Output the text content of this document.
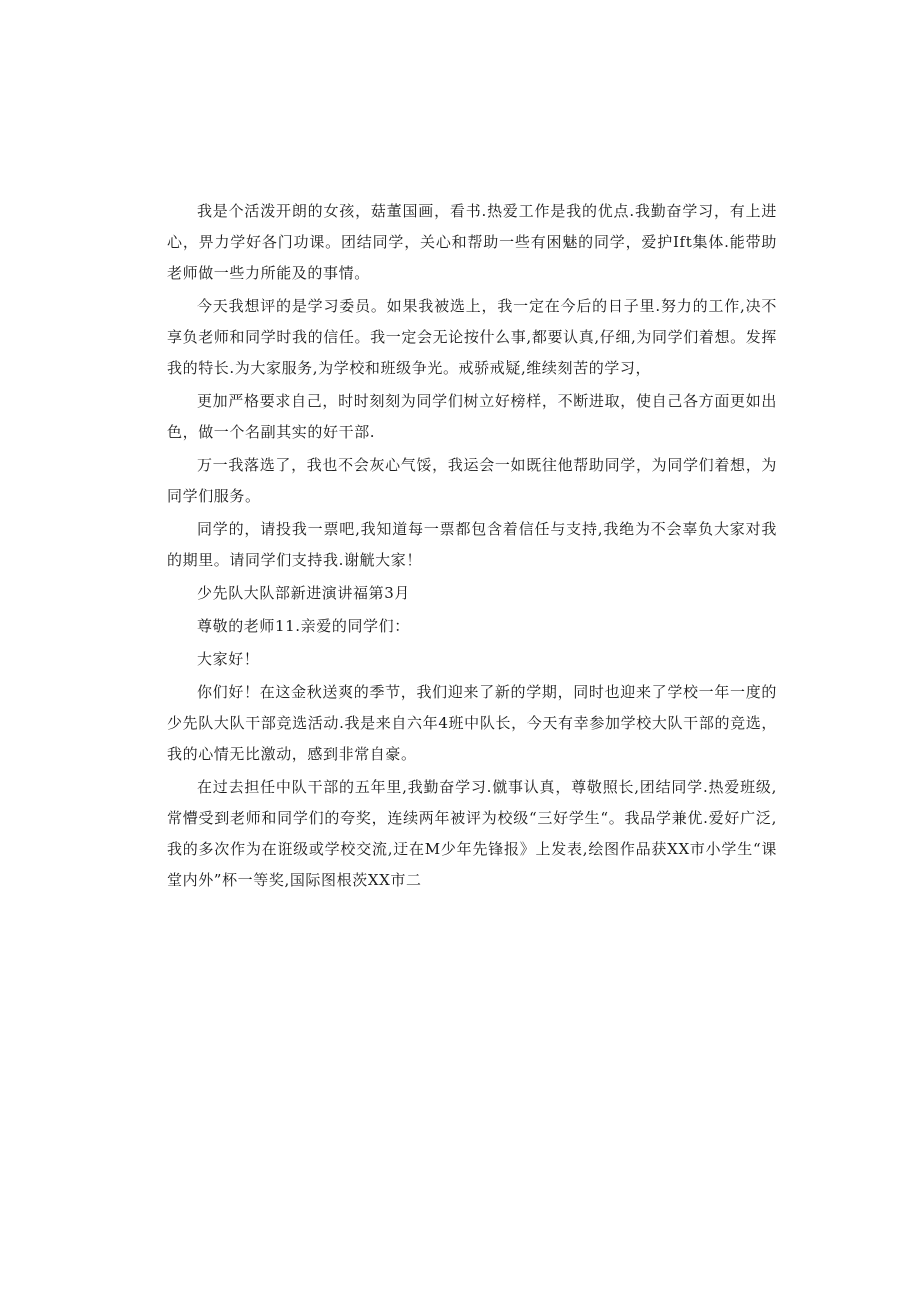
我是个活泼开朗的女孩，菇董国画，看书.热爱工作是我的优点.我勤奋学习，有上进心，畀力学好各门功课。团结同学，关心和帮助一些有困魅的同学，爱护Ift集体.能带助老师做一些力所能及的事情。

今天我想评的是学习委员。如果我被选上，我一定在今后的日子里.努力的工作,决不享负老师和同学时我的信任。我一定会无论按什么事,都要认真,仔细,为同学们着想。发挥我的特长.为大家服务,为学校和班级争光。戒骄戒疑,维续刻苦的学习，

更加严格要求自己，时时刻刻为同学们树立好榜样，不断进取，使自己各方面更如出色，做一个名副其实的好干部.

万一我落选了，我也不会灰心气馁，我运会一如既往他帮助同学，为同学们着想，为同学们服务。

同学的，请投我一票吧,我知道每一票都包含着信任与支持,我绝为不会辜负大家对我的期里。请同学们支持我.谢觥大家！

少先队大队部新进演讲福第3月

尊敬的老师11.亲爱的同学们：

大家好！

你们好！在这金秋送爽的季节，我们迎来了新的学期，同时也迎来了学校一年一度的少先队大队干部竞选活动.我是来自六年4班中队长，今天有幸参加学校大队干部的竞选，我的心情无比激动，感到非常自豪。

在过去担任中队干部的五年里,我勤奋学习.僦事认真，尊敬照长,团结同学.热爱班级,常懵受到老师和同学们的夸奖，连续两年被评为校级“三好学生“。我品学兼优.爱好广泛,我的多次作为在诳级或学校交流,迂在M少年先锋报》上发表,绘图作品获XX市小学生“课堂内外”杯一等奖,国际图根茨XX市二
